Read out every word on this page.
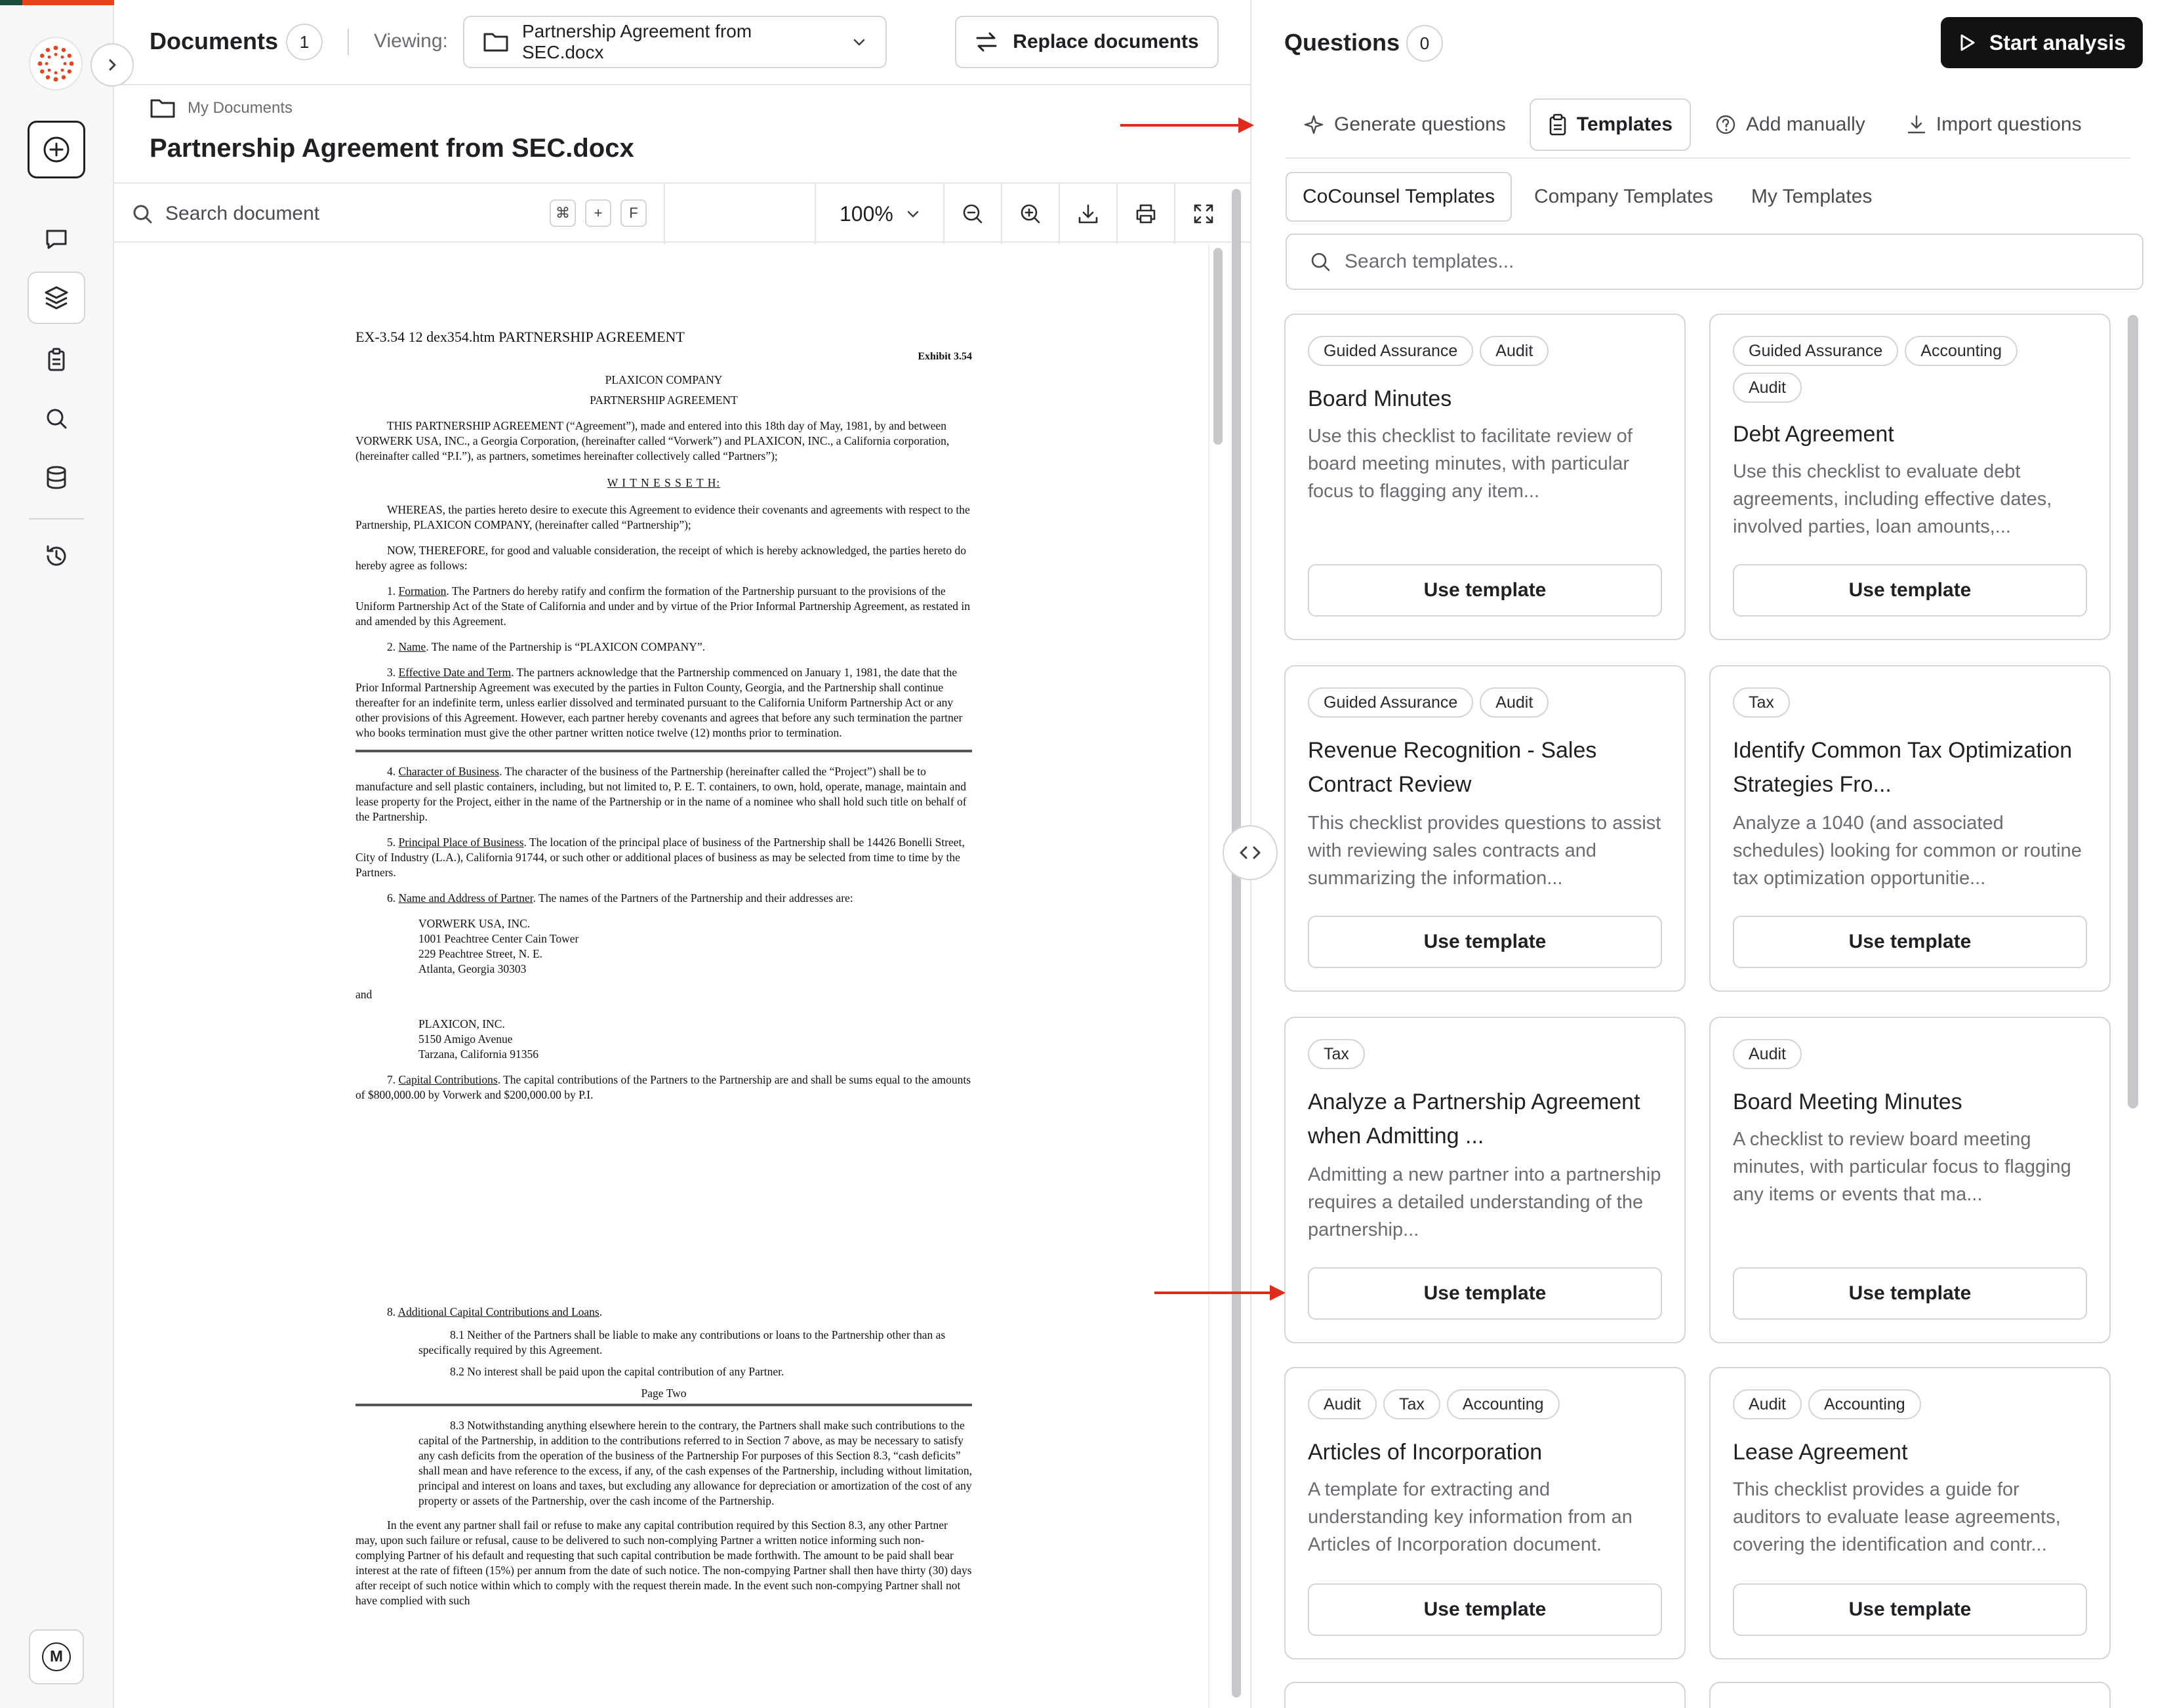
M
Documents	1	Viewing:	Partnership Agreement from SEC.docx	Replace documents
My Documents
Partnership Agreement from SEC.docx
Search document	⌘	+	F	100%
EX-3.54 12 dex354.htm PARTNERSHIP AGREEMENT
Exhibit 3.54

PLAXICON COMPANY

PARTNERSHIP AGREEMENT

THIS PARTNERSHIP AGREEMENT (“Agreement”), made and entered into this 18th day of May, 1981, by and between VORWERK USA, INC., a Georgia Corporation, (hereinafter called “Vorwerk”) and PLAXICON, INC., a California corporation, (hereinafter called “P.I.”), as partners, sometimes hereinafter collectively called “Partners”);

W I T N E S S E T H:

WHEREAS, the parties hereto desire to execute this Agreement to evidence their covenants and agreements with respect to the Partnership, PLAXICON COMPANY, (hereinafter called “Partnership”);

NOW, THEREFORE, for good and valuable consideration, the receipt of which is hereby acknowledged, the parties hereto do hereby agree as follows:

1. Formation. The Partners do hereby ratify and confirm the formation of the Partnership pursuant to the provisions of the Uniform Partnership Act of the State of California and under and by virtue of the Prior Informal Partnership Agreement, as restated in and amended by this Agreement.

2. Name. The name of the Partnership is “PLAXICON COMPANY”.

3. Effective Date and Term. The partners acknowledge that the Partnership commenced on January 1, 1981, the date that the Prior Informal Partnership Agreement was executed by the parties in Fulton County, Georgia, and the Partnership shall continue thereafter for an indefinite term, unless earlier dissolved and terminated pursuant to the California Uniform Partnership Act or any other provisions of this Agreement. However, each partner hereby covenants and agrees that before any such termination the partner who books termination must give the other partner written notice twelve (12) months prior to termination.

4. Character of Business. The character of the business of the Partnership (hereinafter called the “Project”) shall be to manufacture and sell plastic containers, including, but not limited to, P. E. T. containers, to own, hold, operate, manage, maintain and lease property for the Project, either in the name of the Partnership or in the name of a nominee who shall hold such title on behalf of the Partnership.

5. Principal Place of Business. The location of the principal place of business of the Partnership shall be 14426 Bonelli Street, City of Industry (L.A.), California 91744, or such other or additional places of business as may be selected from time to time by the Partners.

6. Name and Address of Partner. The names of the Partners of the Partnership and their addresses are:

VORWERK USA, INC.
1001 Peachtree Center Cain Tower
229 Peachtree Street, N. E.
Atlanta, Georgia 30303

and

PLAXICON, INC.
5150 Amigo Avenue
Tarzana, California 91356

7. Capital Contributions. The capital contributions of the Partners to the Partnership are and shall be sums equal to the amounts of $800,000.00 by Vorwerk and $200,000.00 by P.I.

8. Additional Capital Contributions and Loans.

8.1 Neither of the Partners shall be liable to make any contributions or loans to the Partnership other than as specifically required by this Agreement.

8.2 No interest shall be paid upon the capital contribution of any Partner.

Page Two

8.3 Notwithstanding anything elsewhere herein to the contrary, the Partners shall make such contributions to the capital of the Partnership, in addition to the contributions referred to in Section 7 above, as may be necessary to satisfy any cash deficits from the operation of the business of the Partnership For purposes of this Section 8.3, “cash deficits” shall mean and have reference to the excess, if any, of the cash expenses of the Partnership, including without limitation, principal and interest on loans and taxes, but excluding any allowance for depreciation or amortization of the cost of any property or assets of the Partnership, over the cash income of the Partnership.

In the event any partner shall fail or refuse to make any capital contribution required by this Section 8.3, any other Partner may, upon such failure or refusal, cause to be delivered to such non-complying Partner a written notice informing such non-complying Partner of his default and requesting that such capital contribution be made forthwith. The amount to be paid shall bear interest at the rate of fifteen (15%) per annum from the date of such notice. The non-compying Partner shall then have thirty (30) days after receipt of such notice within which to comply with the request therein made. In the event such non-compying Partner shall not have complied with such

Questions	0	Start analysis
Generate questions	Templates	Add manually	Import questions
CoCounsel Templates	Company Templates	My Templates
Search templates...
Guided Assurance	Audit
Board Minutes
Use this checklist to facilitate review of board meeting minutes, with particular focus to flagging any item...
Use template
Guided Assurance	Accounting
Audit
Debt Agreement
Use this checklist to evaluate debt agreements, including effective dates, involved parties, loan amounts,...
Use template
Guided Assurance	Audit
Revenue Recognition - Sales Contract Review
This checklist provides questions to assist with reviewing sales contracts and summarizing the information...
Use template
Tax
Identify Common Tax Optimization Strategies Fro...
Analyze a 1040 (and associated schedules) looking for common or routine tax optimization opportunitie...
Use template
Tax
Analyze a Partnership Agreement when Admitting ...
Admitting a new partner into a partnership requires a detailed understanding of the partnership...
Use template
Audit
Board Meeting Minutes
A checklist to review board meeting minutes, with particular focus to flagging any items or events that ma...
Use template
Audit	Tax	Accounting
Articles of Incorporation
A template for extracting and understanding key information from an Articles of Incorporation document.
Use template
Audit	Accounting
Lease Agreement
This checklist provides a guide for auditors to evaluate lease agreements, covering the identification and contr...
Use template
